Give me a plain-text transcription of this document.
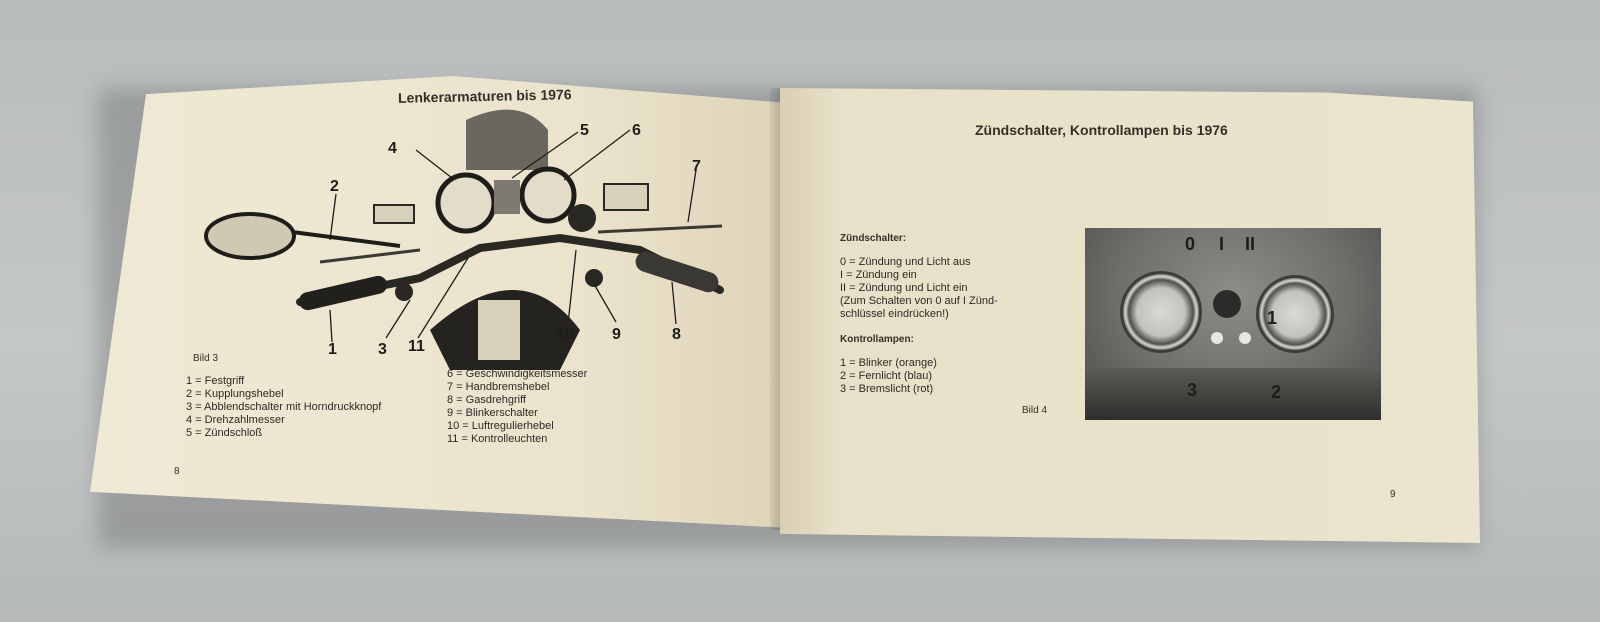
Lenkerarmaturen bis 1976
1
2
3
4
5	6
7
8
9
10
11
Bild 3
1 = Festgriff
2 = Kupplungshebel
3 = Abblendschalter mit Horndruckknopf
4 = Drehzahlmesser
5 = Zündschloß
6 = Geschwindigkeitsmesser
7 = Handbremshebel
8 = Gasdrehgriff
9 = Blinkerschalter
10 = Luftregulierhebel
11 = Kontrolleuchten
8
Zündschalter, Kontrollampen bis 1976
Zündschalter:
0 = Zündung und Licht aus
I = Zündung ein
II = Zündung und Licht ein
(Zum Schalten von 0 auf I Zünd-
schlüssel eindrücken!)
Kontrollampen:
1 = Blinker (orange)
2 = Fernlicht (blau)
3 = Bremslicht (rot)
0 I II
1
2
3
Bild 4
9
